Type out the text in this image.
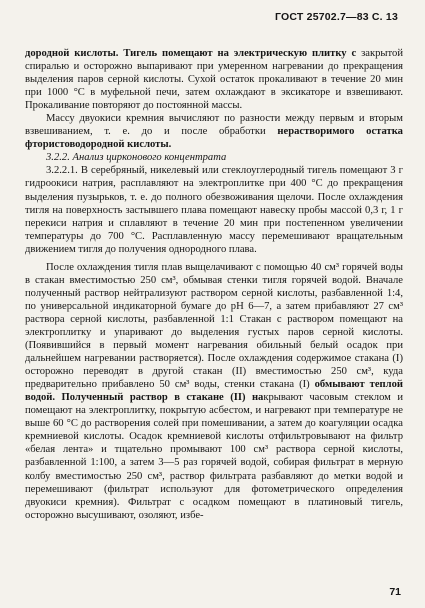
ГОСТ 25702.7—83 С. 13

дородной кислоты. Тигель помещают на электрическую плитку с закрытой спиралью и осторожно выпаривают при умеренном нагревании до прекращения выделения паров серной кислоты. Сухой остаток прокаливают в течение 20 мин при 1000 °С в муфельной печи, затем охлаждают в эксикаторе и взвешивают. Прокаливание повторяют до постоянной массы.

Массу двуокиси кремния вычисляют по разности между первым и вторым взвешиванием, т. е. до и после обработки нерастворимого остатка фтористоводородной кислоты.

3.2.2. Анализ цирконового концентрата

3.2.2.1. В серебряный, никелевый или стеклоуглеродный тигель помещают 3 г гидроокиси натрия, расплавляют на электроплитке при 400 °С до прекращения выделения пузырьков, т. е. до полного обезвоживания щелочи. После охлаждения тигля на поверхность застывшего плава помещают навеску пробы массой 0,3 г, 1 г перекиси натрия и сплавляют в течение 20 мин при постепенном увеличении температуры до 700 °С. Расплавленную массу перемешивают вращательным движением тигля до получения однородного плава.

После охлаждения тигля плав выщелачивают с помощью 40 см³ горячей воды в стакан вместимостью 250 см³, обмывая стенки тигля горячей водой. Вначале полученный раствор нейтрализуют раствором серной кислоты, разбавленной 1:4, по универсальной индикаторной бумаге до рН 6—7, а затем прибавляют 27 см³ раствора серной кислоты, разбавленной 1:1 Стакан с раствором помещают на электроплитку и упаривают до выделения густых паров серной кислоты. (Появившийся в первый момент нагревания обильный белый осадок при дальнейшем нагревании растворяется). После охлаждения содержимое стакана (I) осторожно переводят в другой стакан (II) вместимостью 250 см³, куда предварительно прибавлено 50 см³ воды, стенки стакана (I) обмывают теплой водой. Полученный раствор в стакане (II) накрывают часовым стеклом и помещают на электроплитку, покрытую асбестом, и нагревают при температуре не выше 60 °С до растворения солей при помешивании, а затем до коагуляции осадка кремниевой кислоты. Осадок кремниевой кислоты отфильтровывают на фильтр «белая лента» и тщательно промывают 100 см³ раствора серной кислоты, разбавленной 1:100, а затем 3—5 раз горячей водой, собирая фильтрат в мерную колбу вместимостью 250 см³, раствор фильтрата разбавляют до метки водой и перемешивают (фильтрат используют для фотометрического определения двуокиси кремния). Фильтрат с осадком помещают в платиновый тигель, осторожно высушивают, озоляют, избе-

71
